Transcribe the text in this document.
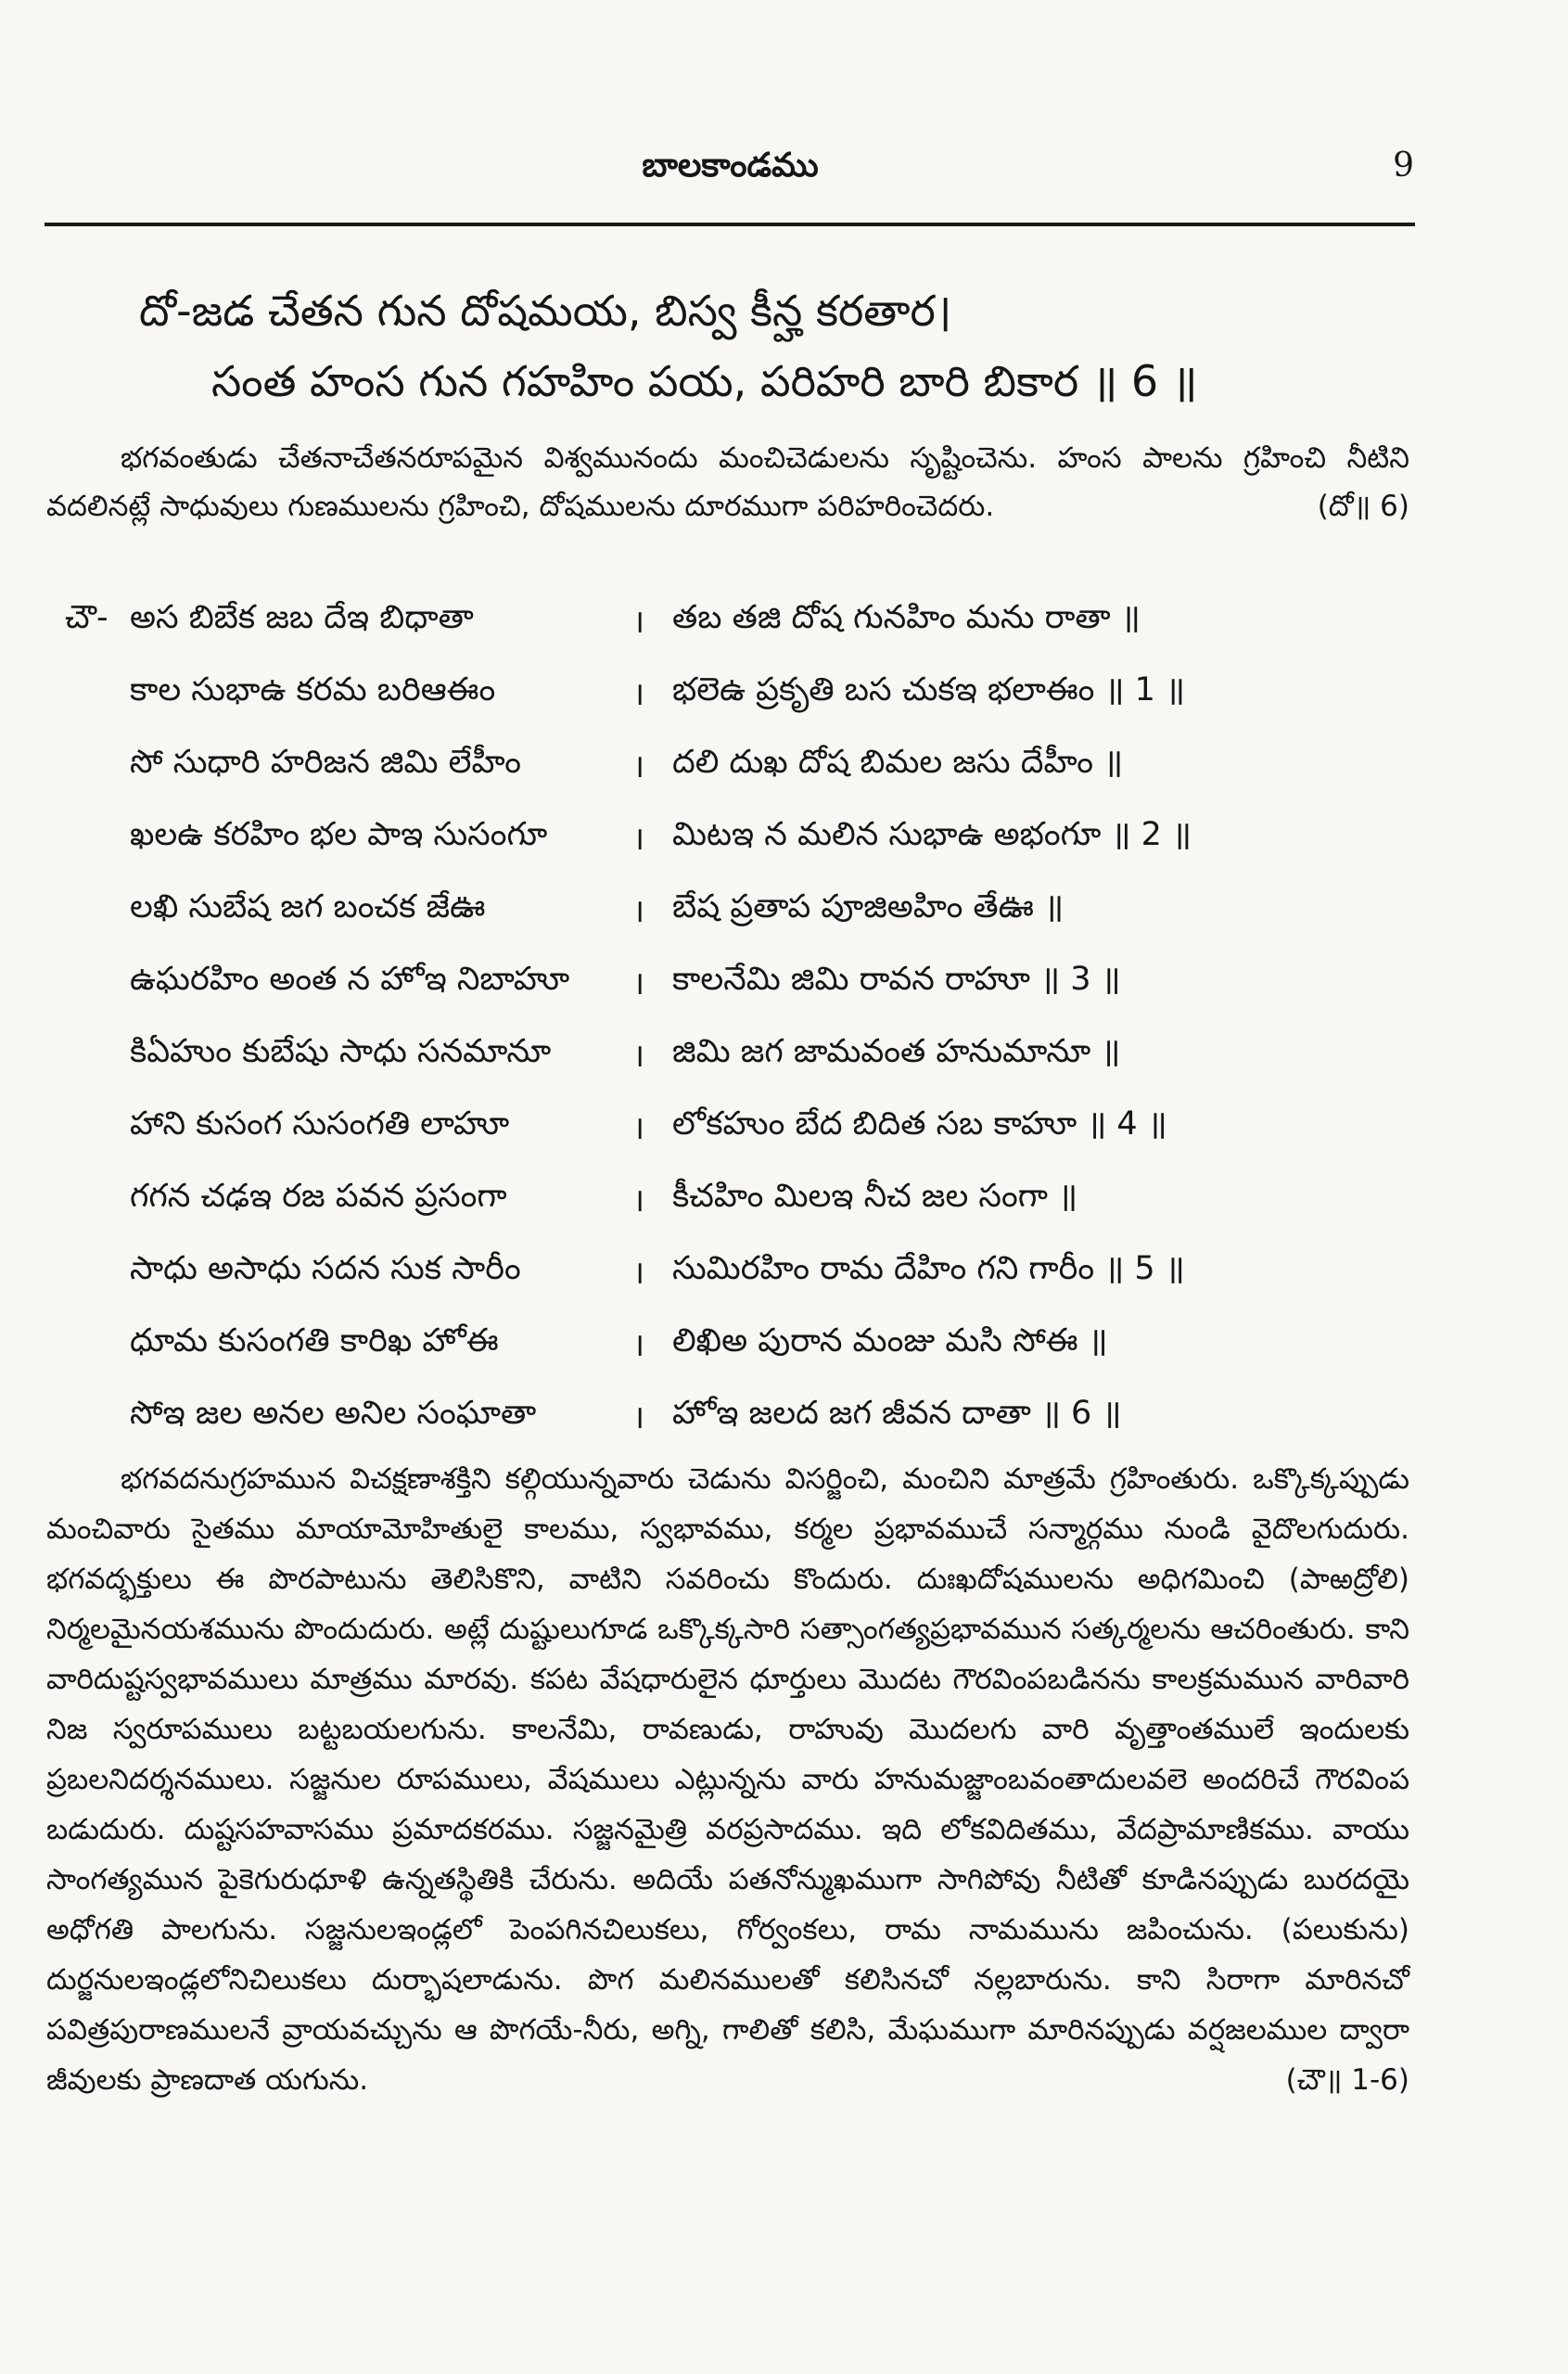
బాలకాండము	9
దో-జడ చేతన గున దోషమయ, బిస్వ కీన్హ కరతార।
సంత హంస గున గహహిం పయ, పరిహరి బారి బికార ॥ 6 ॥
భగవంతుడు చేతనాచేతనరూపమైన విశ్వమునందు మంచిచెడులను సృష్టించెను. హంస పాలను గ్రహించి నీటిని వదలినట్లే సాధువులు గుణములను గ్రహించి, దోషములను దూరముగా పరిహరించెదరు.	(దో॥ 6)
చౌ- అస బిబేక జబ దేఇ బిధాతా	। తబ తజి దోష గునహిం మను రాతా ॥
కాల సుభాఉ కరమ బరిఆఈం	। భలెఉ ప్రకృతి బస చుకఇ భలాఈం ॥ 1 ॥
సో సుధారి హరిజన జిమి లేహీం	। దలి దుఖ దోష బిమల జసు దేహీం ॥
ఖలఉ కరహిం భల పాఇ సుసంగూ	। మిటఇ న మలిన సుభాఉ అభంగూ ॥ 2 ॥
లఖి సుబేష జగ బంచక జేఊ	। బేష ప్రతాప పూజిఅహిం తేఊ ॥
ఉఘరహిం అంత న హోఇ నిబాహూ । కాలనేమి జిమి రావన రాహూ ॥ 3 ॥
కిఏహుం కుబేషు సాధు సనమానూ	। జిమి జగ జామవంత హనుమానూ ॥
హాని కుసంగ సుసంగతి లాహూ	। లోకహుం బేద బిదిత సబ కాహూ ॥ 4 ॥
గగన చఢఇ రజ పవన ప్రసంగా	। కీచహిం మిలఇ నీచ జల సంగా ॥
సాధు అసాధు సదన సుక సారీం	। సుమిరహిం రామ దేహిం గని గారీం ॥ 5 ॥
ధూమ కుసంగతి కారిఖ హోఈ	। లిఖిఅ పురాన మంజు మసి సోఈ ॥
సోఇ జల అనల అనిల సంఘాతా	। హోఇ జలద జగ జీవన దాతా ॥ 6 ॥
భగవదనుగ్రహమున విచక్షణాశక్తిని కల్గియున్నవారు చెడును విసర్జించి, మంచిని మాత్రమే గ్రహింతురు. ఒక్కొక్కప్పుడు మంచివారు సైతము మాయామోహితులై కాలము, స్వభావము, కర్మల ప్రభావముచే సన్మార్గము నుండి వైదొలగుదురు. భగవద్భక్తులు ఈ పొరపాటును తెలిసికొని, వాటిని సవరించు కొందురు. దుఃఖదోషములను అధిగమించి (పాఱద్రోలి) నిర్మలమైనయశమును పొందుదురు. అట్లే దుష్టులుగూడ ఒక్కొక్కసారి సత్సాంగత్యప్రభావమున సత్కర్మలను ఆచరింతురు. కాని వారిదుష్టస్వభావములు మాత్రము మారవు. కపట వేషధారులైన ధూర్తులు మొదట గౌరవింపబడినను కాలక్రమమున వారివారి నిజ స్వరూపములు బట్టబయలగును. కాలనేమి, రావణుడు, రాహువు మొదలగు వారి వృత్తాంతములే ఇందులకు ప్రబలనిదర్శనములు. సజ్జనుల రూపములు, వేషములు ఎట్లున్నను వారు హనుమజ్జాంబవంతాదులవలె అందరిచే గౌరవింప బడుదురు. దుష్టసహవాసము ప్రమాదకరము. సజ్జనమైత్రి వరప్రసాదము. ఇది లోకవిదితము, వేదప్రామాణికము. వాయు సాంగత్యమున పైకెగురుధూళి ఉన్నతస్థితికి చేరును. అదియే పతనోన్ముఖముగా సాగిపోవు నీటితో కూడినప్పుడు బురదయై అధోగతి పాలగును. సజ్జనులఇండ్లలో పెంపగినచిలుకలు, గోర్వంకలు, రామ నామమును జపించును. (పలుకును) దుర్జనులఇండ్లలోనిచిలుకలు దుర్భాషలాడును. పొగ మలినములతో కలిసినచో నల్లబారును. కాని సిరాగా మారినచో పవిత్రపురాణములనే వ్రాయవచ్చును ఆ పొగయే-నీరు, అగ్ని, గాలితో కలిసి, మేఘముగా మారినప్పుడు వర్షజలముల ద్వారా జీవులకు ప్రాణదాత యగును.	(చౌ॥ 1-6)
